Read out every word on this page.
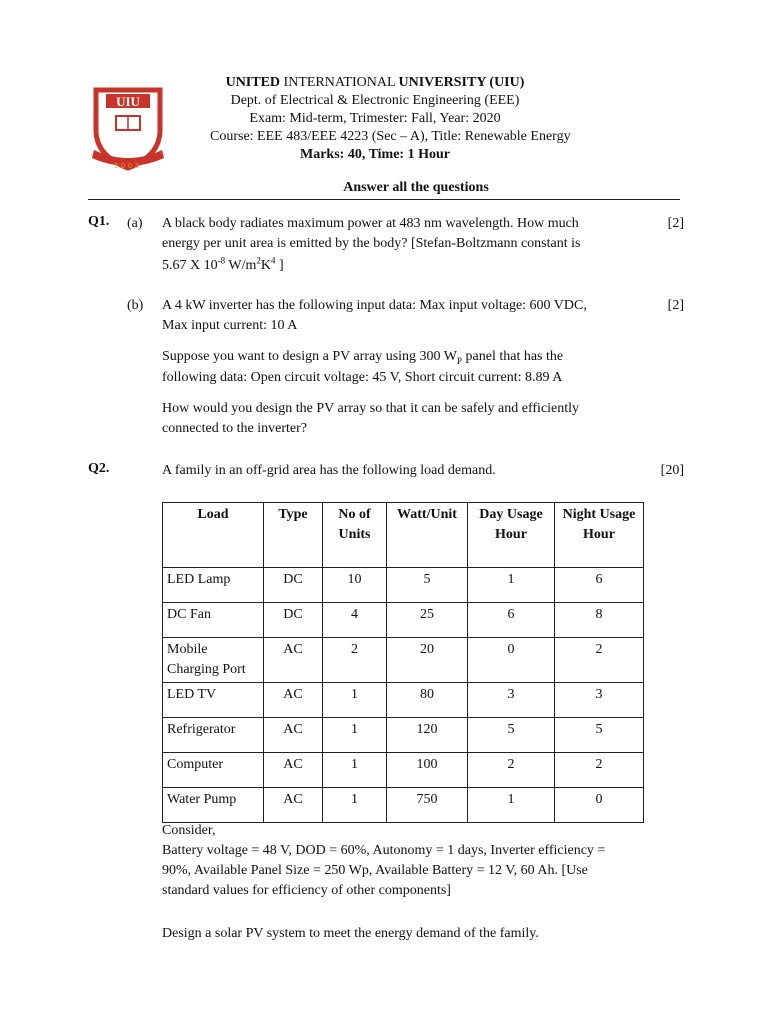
UIU
2003
UNITED INTERNATIONAL UNIVERSITY (UIU)
Dept. of Electrical & Electronic Engineering (EEE)
Exam: Mid-term, Trimester: Fall, Year: 2020
Course: EEE 483/EEE 4223 (Sec – A), Title: Renewable Energy
Marks: 40, Time: 1 Hour
Answer all the questions
Q1. (a) A black body radiates maximum power at 483 nm wavelength. How much
energy per unit area is emitted by the body? [Stefan-Boltzmann constant is
5.67 X $10^{-8}$ $W/m^2K^4$ ]
[2]
(b) A 4 kW inverter has the following input data: Max input voltage: 600 VDC,
Max input current: 10 A
[2]
Suppose you want to design a PV array using 300 $W_P$ panel that has the
following data: Open circuit voltage: 45 V, Short circuit current: 8.89 A
How would you design the PV array so that it can be safely and efficiently
connected to the inverter?
Q2.	A family in an off-grid area has the following load demand.	[20]
Load	Type	No of Units	Watt/Unit	Day Usage Hour	Night Usage Hour
LED Lamp	DC	10	5	1	6
DC Fan	DC	4	25	6	8
Mobile Charging Port	AC	2	20	0	2
LED TV	AC	1	80	3	3
Refrigerator	AC	1	120	5	5
Computer	AC	1	100	2	2
Water Pump	AC	1	750	1	0
Consider,
Battery voltage = 48 V, DOD = 60%, Autonomy = 1 days, Inverter efficiency =
90%, Available Panel Size = 250 Wp, Available Battery = 12 V, 60 Ah. [Use
standard values for efficiency of other components]
Design a solar PV system to meet the energy demand of the family.
